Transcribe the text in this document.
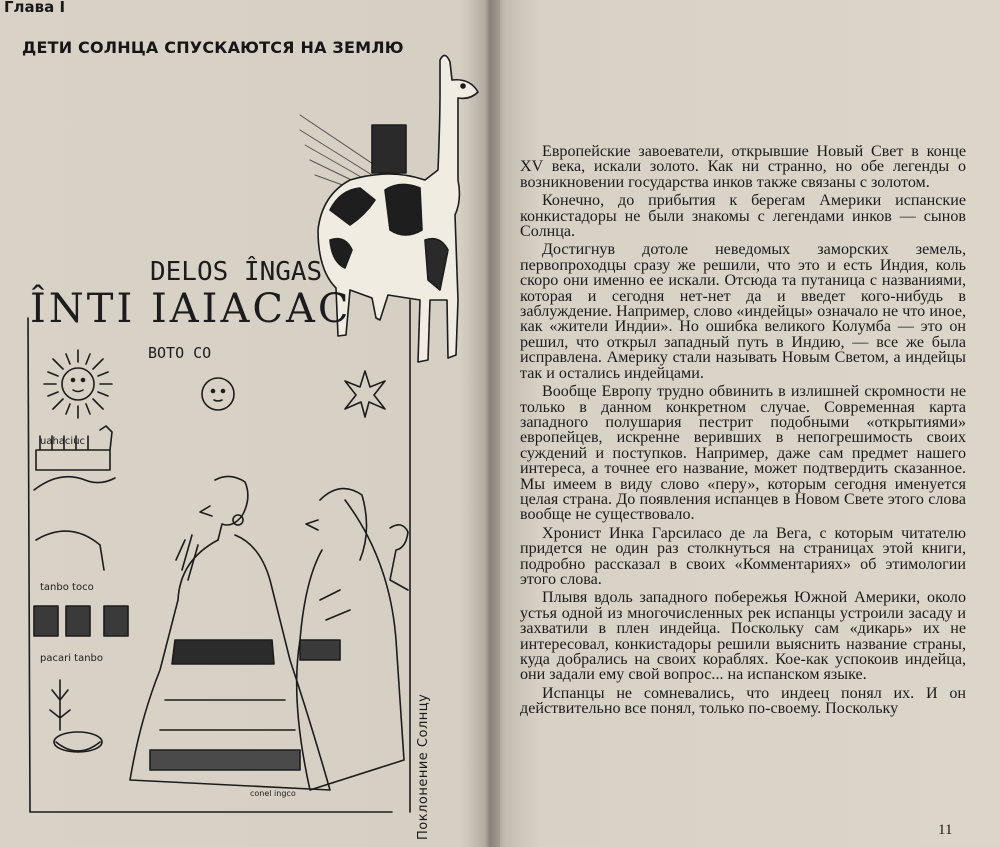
Глава I
ДЕТИ СОЛНЦА СПУСКАЮТСЯ НА ЗЕМЛЮ
DELOS ÎNGAS
ÎNTI IAIACAC
BOTO CO
uahaciuc
tanbo toco
pacari tanbo
conel ingco	Поклонение Солнцу

Европейские завоеватели, открывшие Новый Свет в конце XV века, искали золото. Как ни странно, но обе легенды о возникновении государства инков также связаны с золотом.

Конечно, до прибытия к берегам Америки испанские конкистадоры не были знакомы с легендами инков — сынов Солнца.

Достигнув дотоле неведомых заморских земель, первопроходцы сразу же решили, что это и есть Индия, коль скоро они именно ее искали. Отсюда та путаница с названиями, которая и сегодня нет-нет да и введет кого-нибудь в заблуждение. Например, слово «индейцы» означало не что иное, как «жители Индии». Но ошибка великого Колумба — это он решил, что открыл западный путь в Индию, — все же была исправлена. Америку стали называть Новым Светом, а индейцы так и остались индейцами.

Вообще Европу трудно обвинить в излишней скромности не только в данном конкретном случае. Современная карта западного полушария пестрит подобными «открытиями» европейцев, искренне веривших в непогрешимость своих суждений и поступков. Например, даже сам предмет нашего интереса, а точнее его название, может подтвердить сказанное. Мы имеем в виду слово «перу», которым сегодня именуется целая страна. До появления испанцев в Новом Свете этого слова вообще не существовало.

Хронист Инка Гарсиласо де ла Вега, с которым читателю придется не один раз столкнуться на страницах этой книги, подробно рассказал в своих «Комментариях» об этимологии этого слова.

Плывя вдоль западного побережья Южной Америки, около устья одной из многочисленных рек испанцы устроили засаду и захватили в плен индейца. Поскольку сам «дикарь» их не интересовал, конкистадоры решили выяснить название страны, куда добрались на своих кораблях. Кое-как успокоив индейца, они задали ему свой вопрос... на испанском языке.

Испанцы не сомневались, что индеец понял их. И он действительно все понял, только по-своему. Поскольку

11
